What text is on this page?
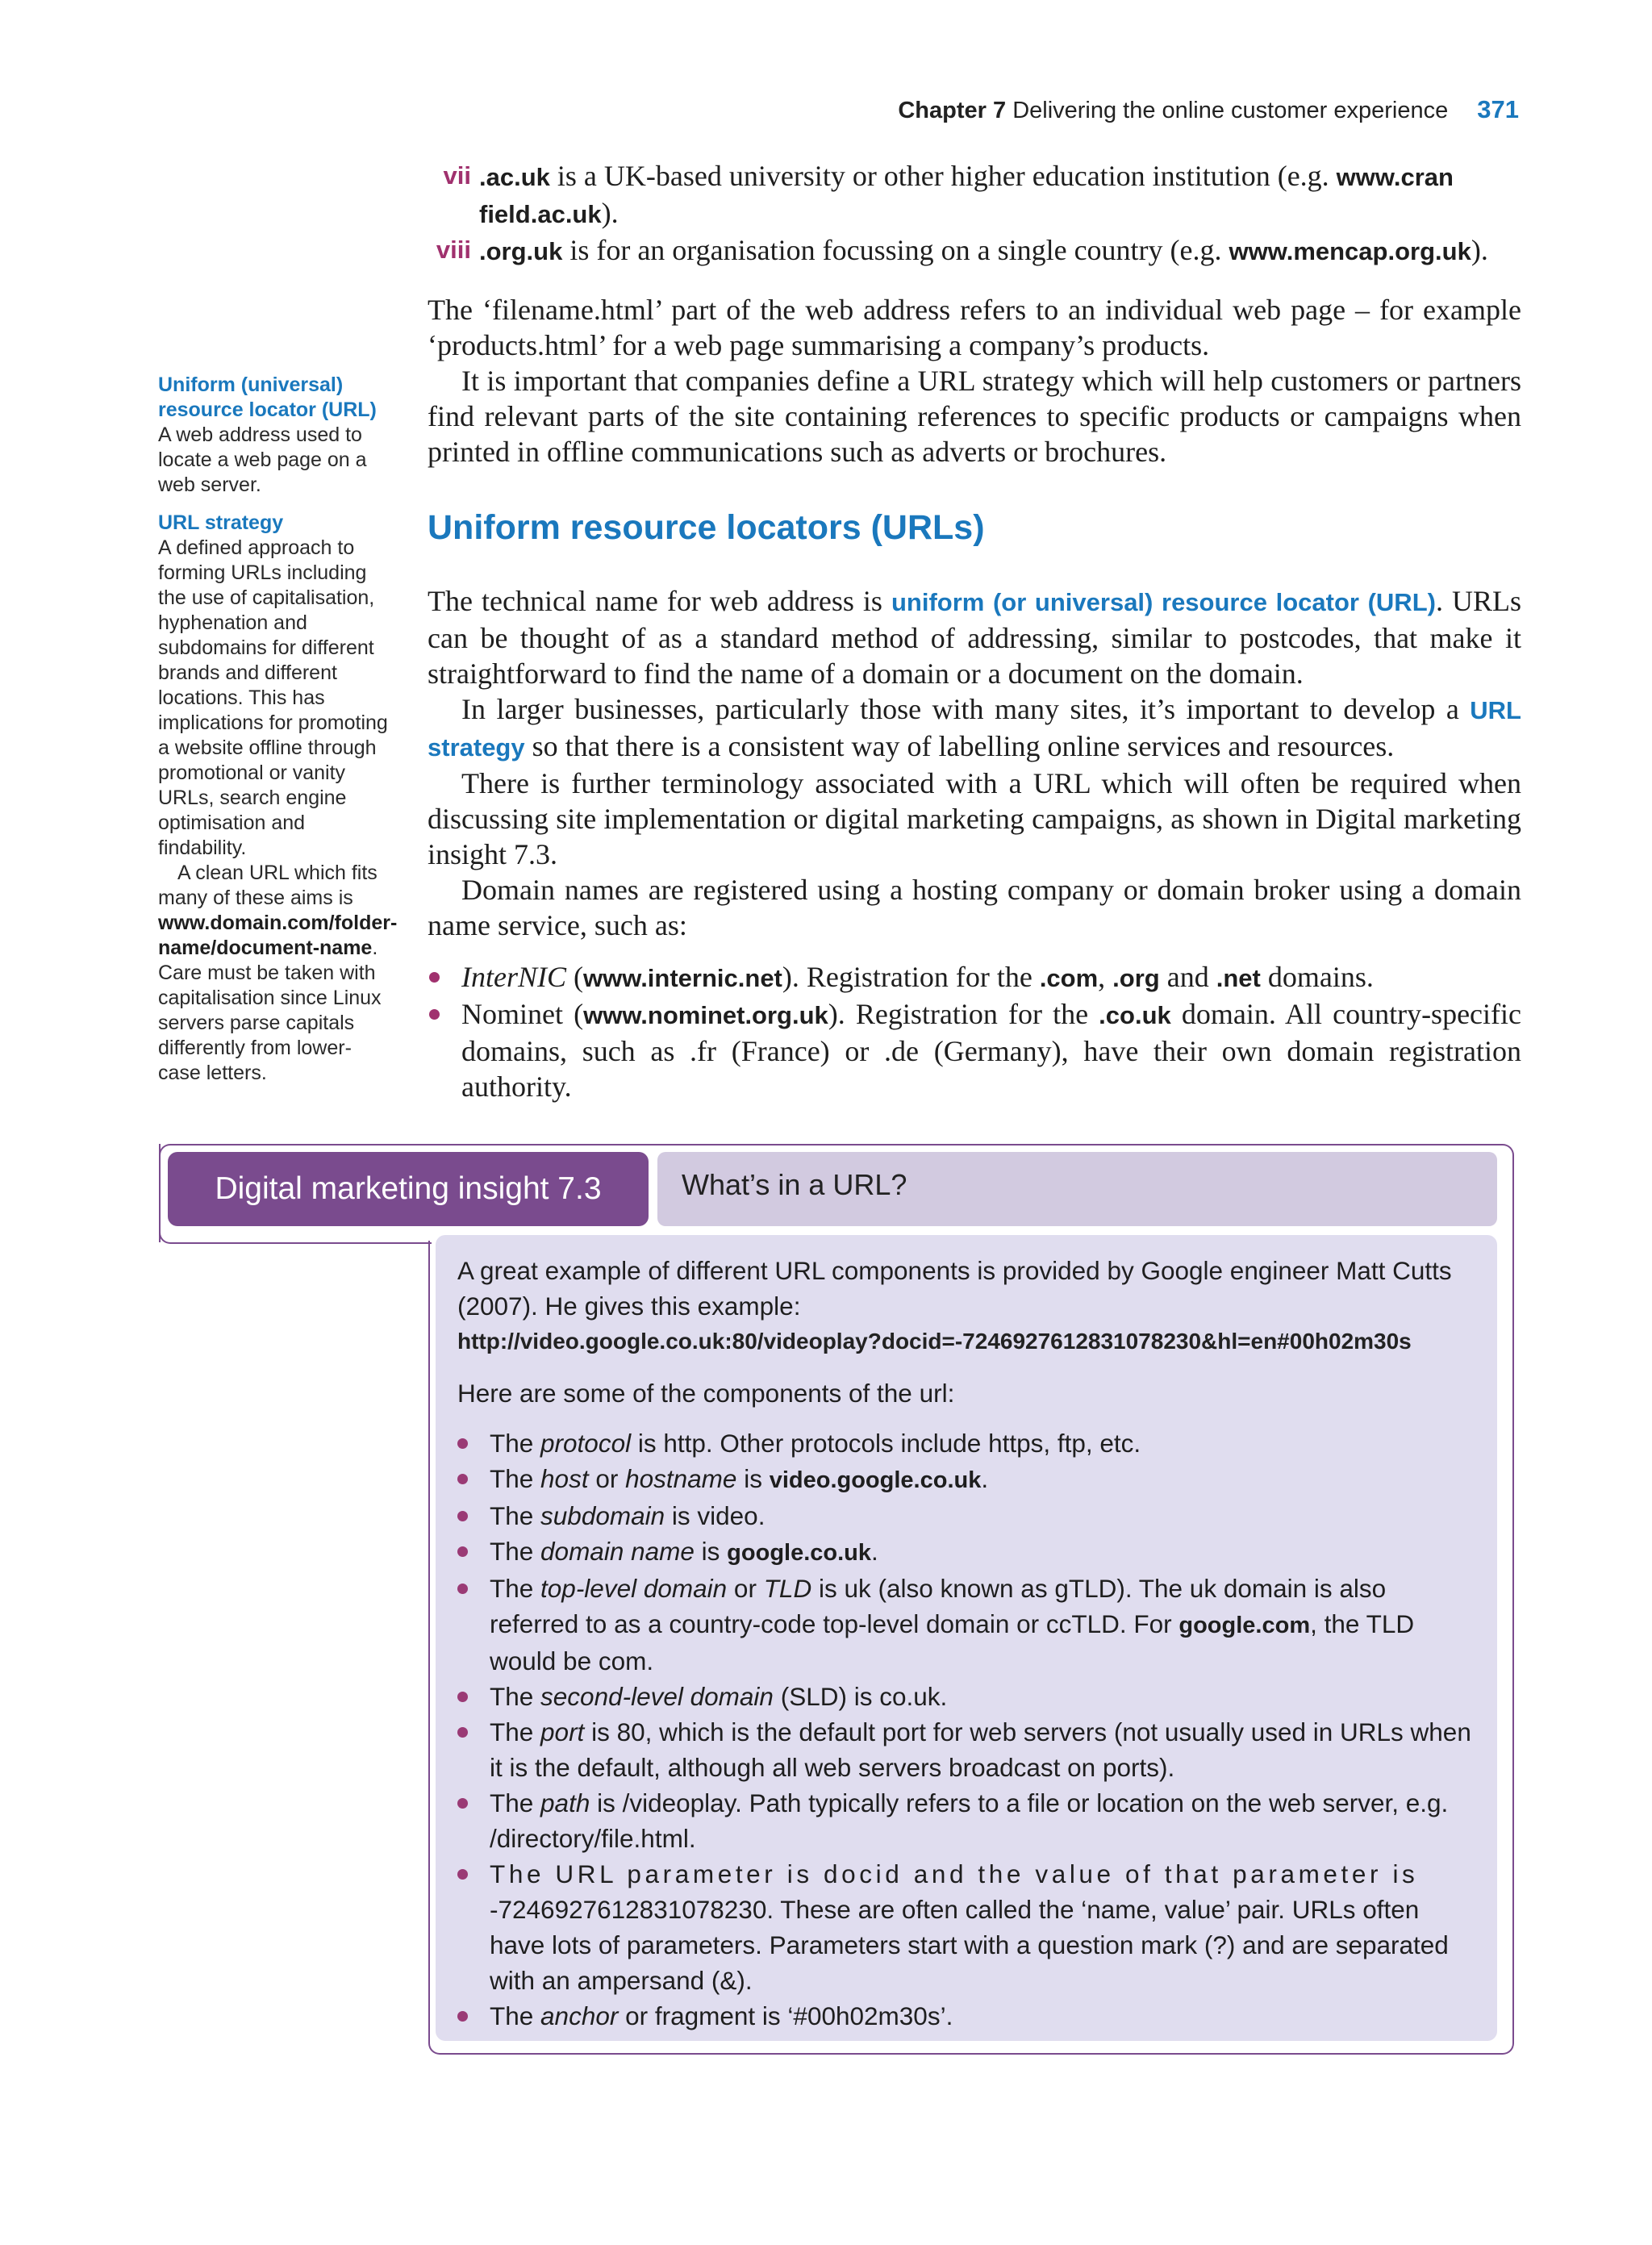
Chapter 7 Delivering the online customer experience 371
Uniform (universal) resource locator (URL)
A web address used to locate a web page on a web server.
URL strategy
A defined approach to forming URLs including the use of capitalisation, hyphenation and subdomains for different brands and different locations. This has implications for promoting a website offline through promotional or vanity URLs, search engine optimisation and findability.
A clean URL which fits many of these aims is www.domain.com/folder-name/document-name. Care must be taken with capitalisation since Linux servers parse capitals differently from lower-case letters.
vii .ac.uk is a UK-based university or other higher education institution (e.g. www.cran
field.ac.uk).
viii .org.uk is for an organisation focussing on a single country (e.g. www.mencap.org.uk).

The ‘filename.html’ part of the web address refers to an individual web page – for example ‘products.html’ for a web page summarising a company’s products.

It is important that companies define a URL strategy which will help customers or partners find relevant parts of the site containing references to specific products or campaigns when printed in offline communications such as adverts or brochures.

Uniform resource locators (URLs)

The technical name for web address is uniform (or universal) resource locator (URL). URLs can be thought of as a standard method of addressing, similar to postcodes, that make it straightforward to find the name of a domain or a document on the domain.

In larger businesses, particularly those with many sites, it’s important to develop a URL strategy so that there is a consistent way of labelling online services and resources.

There is further terminology associated with a URL which will often be required when discussing site implementation or digital marketing campaigns, as shown in Digital marketing insight 7.3.

Domain names are registered using a hosting company or domain broker using a domain name service, such as:

InterNIC (www.internic.net). Registration for the .com, .org and .net domains.
Nominet (www.nominet.org.uk). Registration for the .co.uk domain. All country-specific domains, such as .fr (France) or .de (Germany), have their own domain registration authority.
Digital marketing insight 7.3	What’s in a URL?

A great example of different URL components is provided by Google engineer Matt Cutts (2007). He gives this example:

http://video.google.co.uk:80/videoplay?docid=-7246927612831078230&hl=en#00h02m30s

Here are some of the components of the url:

The protocol is http. Other protocols include https, ftp, etc.
The host or hostname is video.google.co.uk.
The subdomain is video.
The domain name is google.co.uk.
The top-level domain or TLD is uk (also known as gTLD). The uk domain is also referred to as a country-code top-level domain or ccTLD. For google.com, the TLD would be com.
The second-level domain (SLD) is co.uk.
The port is 80, which is the default port for web servers (not usually used in URLs when it is the default, although all web servers broadcast on ports).
The path is /videoplay. Path typically refers to a file or location on the web server, e.g. /directory/file.html.
The URL parameter is docid and the value of that parameter is
-7246927612831078230. These are often called the ‘name, value’ pair. URLs often have lots of parameters. Parameters start with a question mark (?) and are separated with an ampersand (&).
The anchor or fragment is ‘#00h02m30s’.
